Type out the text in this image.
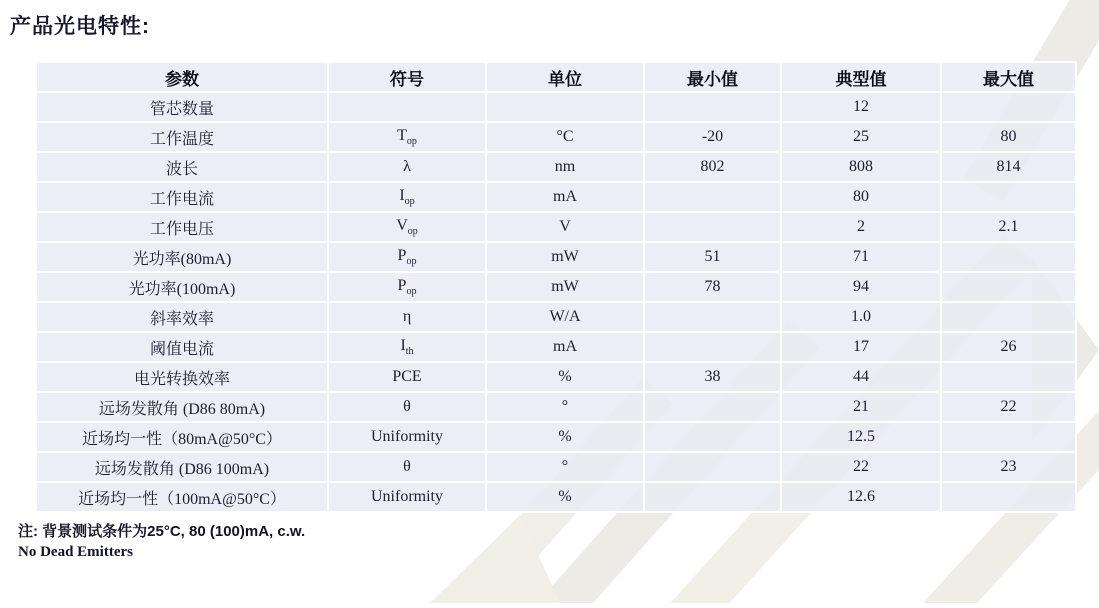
产品光电特性:
参数	符号	单位	最小值	典型值	最大值
管芯数量				12	
工作温度	$T_{op}$	°C	-20	25	80
波长	λ	nm	802	808	814
工作电流	$I_{op}$	mA		80	
工作电压	$V_{op}$	V		2	2.1
光功率(80mA)	$P_{op}$	mW	51	71	
光功率(100mA)	$P_{op}$	mW	78	94	
斜率效率	η	W/A		1.0	
阈值电流	$I_{th}$	mA		17	26
电光转换效率	PCE	%	38	44	
远场发散角 (D86 80mA)	θ	°		21	22
近场均一性（80mA@50°C）	Uniformity	%		12.5	
远场发散角 (D86 100mA)	θ	°		22	23
近场均一性（100mA@50°C）	Uniformity	%		12.6	
注: 背景测试条件为25°C, 80 (100)mA, c.w.
No Dead Emitters
